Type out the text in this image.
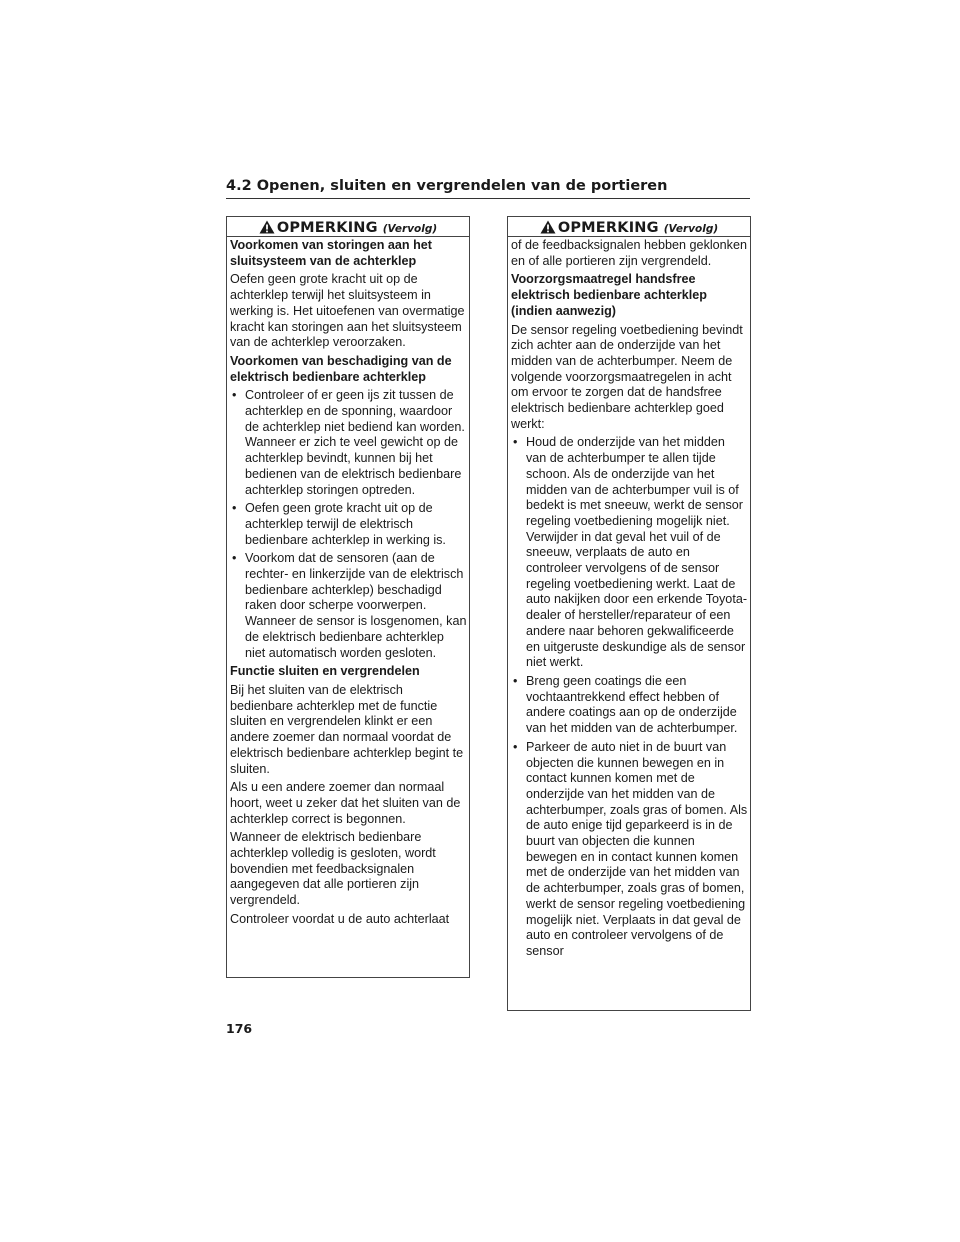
4.2 Openen, sluiten en vergrendelen van de portieren
OPMERKING (Vervolg)
Voorkomen van storingen aan het sluitsysteem van de achterklep

Oefen geen grote kracht uit op de achterklep terwijl het sluitsysteem in werking is. Het uitoefenen van overmatige kracht kan storingen aan het sluitsysteem van de achterklep veroorzaken.

Voorkomen van beschadiging van de elektrisch bedienbare achterklep
• Controleer of er geen ijs zit tussen de achterklep en de sponning, waardoor de achterklep niet bediend kan worden. Wanneer er zich te veel gewicht op de achterklep bevindt, kunnen bij het bedienen van de elektrisch bedienbare achterklep storingen optreden.
• Oefen geen grote kracht uit op de achterklep terwijl de elektrisch bedienbare achterklep in werking is.
• Voorkom dat de sensoren (aan de rechter- en linkerzijde van de elektrisch bedienbare achterklep) beschadigd raken door scherpe voorwerpen. Wanneer de sensor is losgenomen, kan de elektrisch bedienbare achterklep niet automatisch worden gesloten.
Functie sluiten en vergrendelen

Bij het sluiten van de elektrisch bedienbare achterklep met de functie sluiten en vergrendelen klinkt er een andere zoemer dan normaal voordat de elektrisch bedienbare achterklep begint te sluiten.

Als u een andere zoemer dan normaal hoort, weet u zeker dat het sluiten van de achterklep correct is begonnen.

Wanneer de elektrisch bedienbare achterklep volledig is gesloten, wordt bovendien met feedbacksignalen aangegeven dat alle portieren zijn vergrendeld.

Controleer voordat u de auto achterlaat

OPMERKING (Vervolg)

of de feedbacksignalen hebben geklonken en of alle portieren zijn vergrendeld.

Voorzorgsmaatregel handsfree elektrisch bedienbare achterklep (indien aanwezig)

De sensor regeling voetbediening bevindt zich achter aan de onderzijde van het midden van de achterbumper. Neem de volgende voorzorgsmaatregelen in acht om ervoor te zorgen dat de handsfree elektrisch bedienbare achterklep goed werkt:

• Houd de onderzijde van het midden van de achterbumper te allen tijde schoon. Als de onderzijde van het midden van de achterbumper vuil is of bedekt is met sneeuw, werkt de sensor regeling voetbediening mogelijk niet. Verwijder in dat geval het vuil of de sneeuw, verplaats de auto en controleer vervolgens of de sensor regeling voetbediening werkt. Laat de auto nakijken door een erkende Toyota-dealer of hersteller/reparateur of een andere naar behoren gekwalificeerde en uitgeruste deskundige als de sensor niet werkt.
• Breng geen coatings die een vochtaantrekkend effect hebben of andere coatings aan op de onderzijde van het midden van de achterbumper.
• Parkeer de auto niet in de buurt van objecten die kunnen bewegen en in contact kunnen komen met de onderzijde van het midden van de achterbumper, zoals gras of bomen. Als de auto enige tijd geparkeerd is in de buurt van objecten die kunnen bewegen en in contact kunnen komen met de onderzijde van het midden van de achterbumper, zoals gras of bomen, werkt de sensor regeling voetbediening mogelijk niet. Verplaats in dat geval de auto en controleer vervolgens of de sensor
176
